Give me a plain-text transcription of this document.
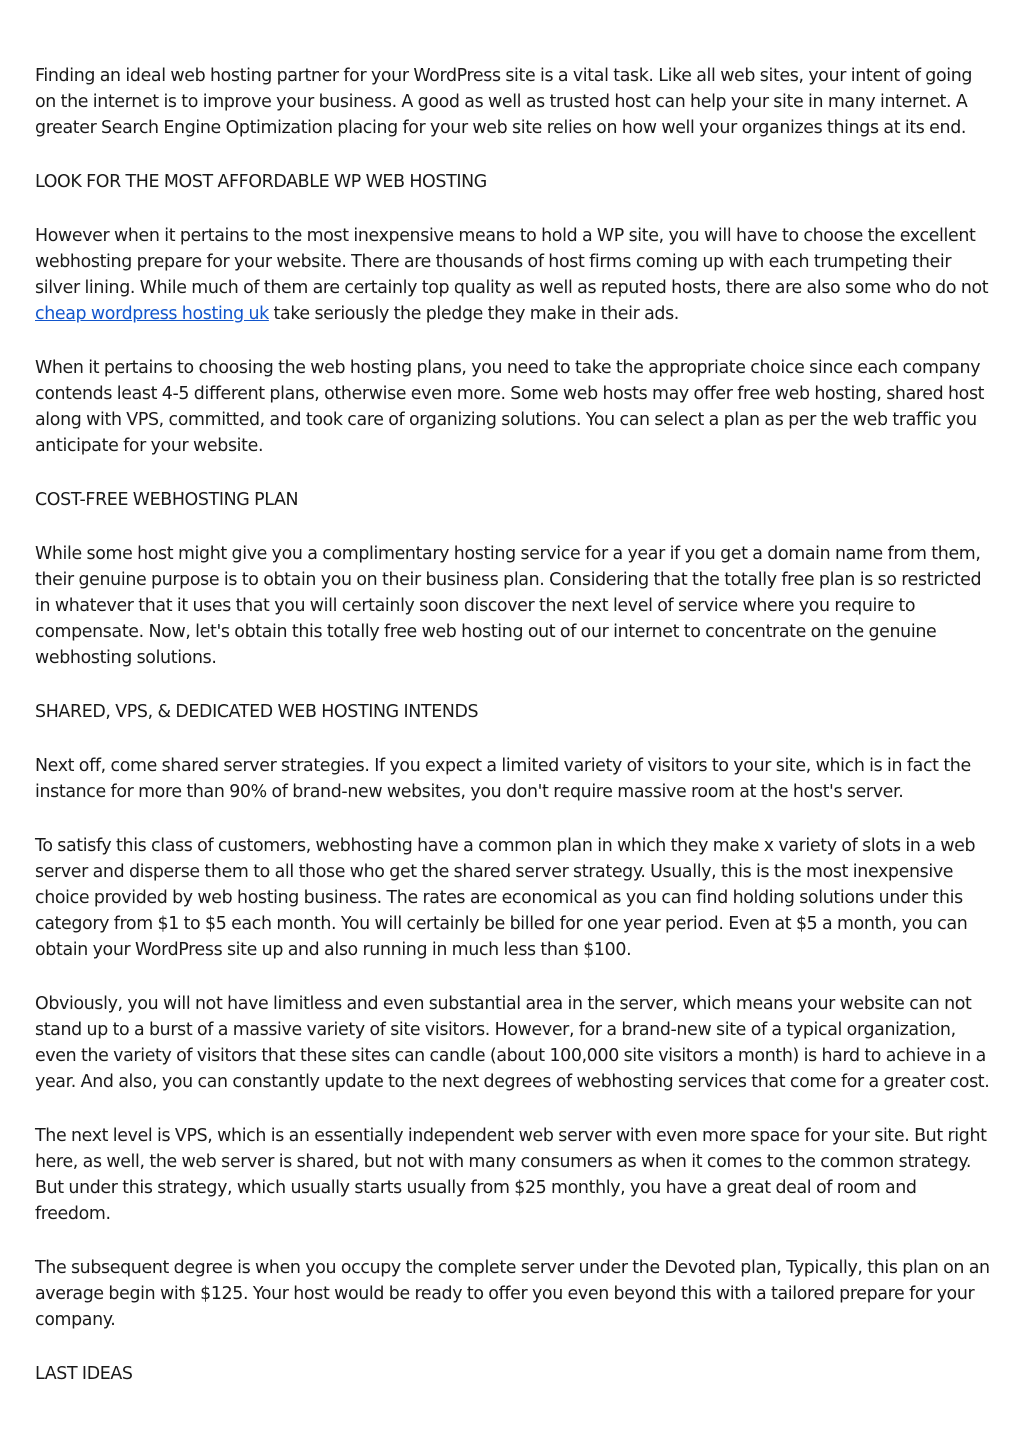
Finding an ideal web hosting partner for your WordPress site is a vital task. Like all web sites, your intent of going on the internet is to improve your business. A good as well as trusted host can help your site in many internet. A greater Search Engine Optimization placing for your web site relies on how well your organizes things at its end.

LOOK FOR THE MOST AFFORDABLE WP WEB HOSTING

However when it pertains to the most inexpensive means to hold a WP site, you will have to choose the excellent webhosting prepare for your website. There are thousands of host firms coming up with each trumpeting their silver lining. While much of them are certainly top quality as well as reputed hosts, there are also some who do not cheap wordpress hosting uk take seriously the pledge they make in their ads.

When it pertains to choosing the web hosting plans, you need to take the appropriate choice since each company contends least 4-5 different plans, otherwise even more. Some web hosts may offer free web hosting, shared host along with VPS, committed, and took care of organizing solutions. You can select a plan as per the web traffic you anticipate for your website.

COST-FREE WEBHOSTING PLAN

While some host might give you a complimentary hosting service for a year if you get a domain name from them, their genuine purpose is to obtain you on their business plan. Considering that the totally free plan is so restricted in whatever that it uses that you will certainly soon discover the next level of service where you require to compensate. Now, let's obtain this totally free web hosting out of our internet to concentrate on the genuine webhosting solutions.

SHARED, VPS, & DEDICATED WEB HOSTING INTENDS

Next off, come shared server strategies. If you expect a limited variety of visitors to your site, which is in fact the instance for more than 90% of brand-new websites, you don't require massive room at the host's server.

To satisfy this class of customers, webhosting have a common plan in which they make x variety of slots in a web server and disperse them to all those who get the shared server strategy. Usually, this is the most inexpensive choice provided by web hosting business. The rates are economical as you can find holding solutions under this category from $1 to $5 each month. You will certainly be billed for one year period. Even at $5 a month, you can obtain your WordPress site up and also running in much less than $100.

Obviously, you will not have limitless and even substantial area in the server, which means your website can not stand up to a burst of a massive variety of site visitors. However, for a brand-new site of a typical organization, even the variety of visitors that these sites can candle (about 100,000 site visitors a month) is hard to achieve in a year. And also, you can constantly update to the next degrees of webhosting services that come for a greater cost.

The next level is VPS, which is an essentially independent web server with even more space for your site. But right here, as well, the web server is shared, but not with many consumers as when it comes to the common strategy. But under this strategy, which usually starts usually from $25 monthly, you have a great deal of room and freedom.

The subsequent degree is when you occupy the complete server under the Devoted plan, Typically, this plan on an average begin with $125. Your host would be ready to offer you even beyond this with a tailored prepare for your company.

LAST IDEAS
